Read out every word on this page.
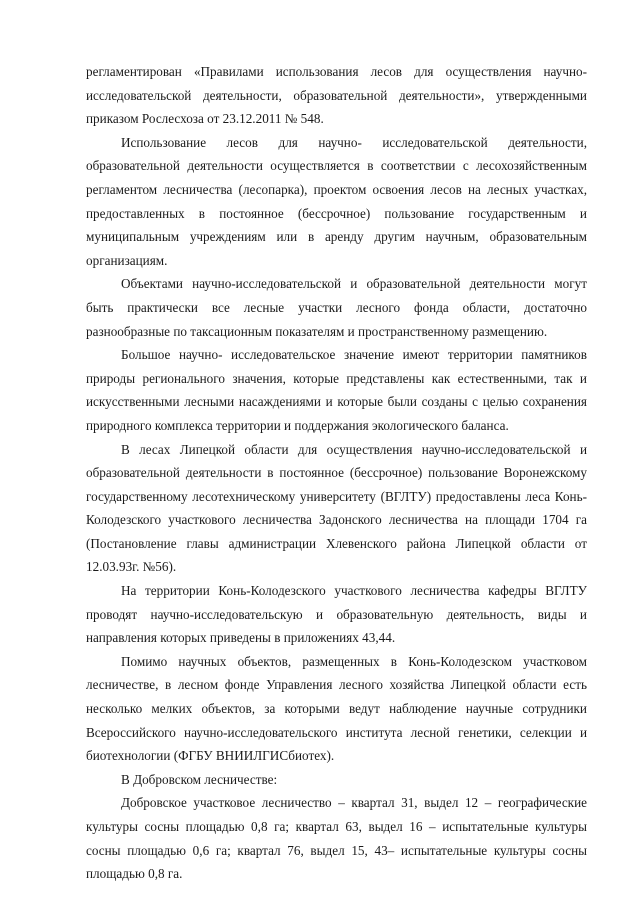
регламентирован «Правилами использования лесов для осуществления научно-исследовательской деятельности, образовательной деятельности», утвержденными приказом Рослесхоза от 23.12.2011 № 548.

Использование лесов для научно- исследовательской деятельности, образовательной деятельности осуществляется в соответствии с лесохозяйственным регламентом лесничества (лесопарка), проектом освоения лесов на лесных участках, предоставленных в постоянное (бессрочное) пользование государственным и муниципальным учреждениям или в аренду другим научным, образовательным организациям.

Объектами научно-исследовательской и образовательной деятельности могут быть практически все лесные участки лесного фонда области, достаточно разнообразные по таксационным показателям и пространственному размещению.

Большое научно- исследовательское значение имеют территории памятников природы регионального значения, которые представлены как естественными, так и искусственными лесными насаждениями и которые были созданы с целью сохранения природного комплекса территории и поддержания экологического баланса.

В лесах Липецкой области для осуществления научно-исследовательской и образовательной деятельности в постоянное (бессрочное) пользование Воронежскому государственному лесотехническому университету (ВГЛТУ) предоставлены леса Конь-Колодезского участкового лесничества Задонского лесничества на площади 1704 га (Постановление главы администрации Хлевенского района Липецкой области от 12.03.93г. №56).

На территории Конь-Колодезского участкового лесничества кафедры ВГЛТУ проводят научно-исследовательскую и образовательную деятельность, виды и направления которых приведены в приложениях 43,44.

Помимо научных объектов, размещенных в Конь-Колодезском участковом лесничестве, в лесном фонде Управления лесного хозяйства Липецкой области есть несколько мелких объектов, за которыми ведут наблюдение научные сотрудники Всероссийского научно-исследовательского института лесной генетики, селекции и биотехнологии (ФГБУ ВНИИЛГИСбиотех).

В Добровском лесничестве:

Добровское участковое лесничество – квартал 31, выдел 12 – географические культуры сосны площадью 0,8 га; квартал 63, выдел 16 – испытательные культуры сосны площадью 0,6 га; квартал 76, выдел 15, 43– испытательные культуры сосны площадью 0,8 га.
